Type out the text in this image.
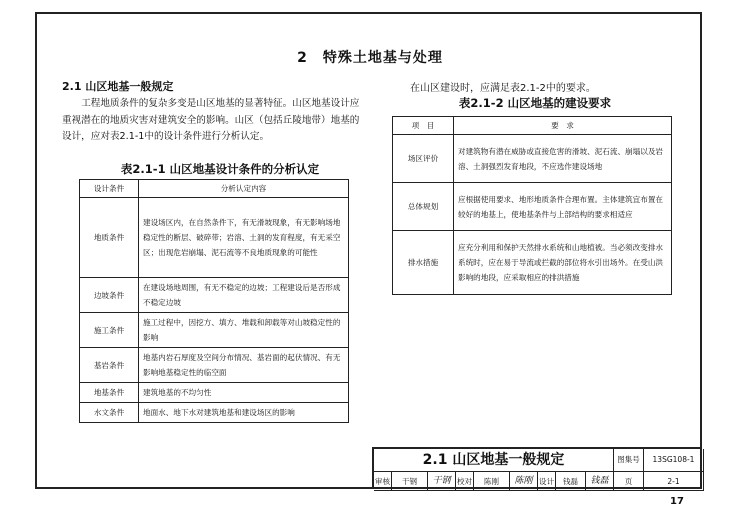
2　特殊土地基与处理
2.1 山区地基一般规定
工程地质条件的复杂多变是山区地基的显著特征。山区地基设计应重视潜在的地质灾害对建筑安全的影响。山区（包括丘陵地带）地基的设计，应对表2.1-1中的设计条件进行分析认定。
在山区建设时，应满足表2.1-2中的要求。
表2.1-1 山区地基设计条件的分析认定
设计条件	分析认定内容
地质条件	建设场区内，在自然条件下，有无滑坡现象，有无影响场地稳定性的断层、破碎带；岩溶、土洞的发育程度，有无采空区；出现危岩崩塌、泥石流等不良地质现象的可能性
边坡条件	在建设场地周围，有无不稳定的边坡；工程建设后是否形成不稳定边坡
施工条件	施工过程中，因挖方、填方、堆载和卸载等对山坡稳定性的影响
基岩条件	地基内岩石厚度及空间分布情况、基岩面的起伏情况、有无影响地基稳定性的临空面
地基条件	建筑地基的不均匀性
水文条件	地面水、地下水对建筑地基和建设场区的影响
表2.1-2 山区地基的建设要求
项　目	要　求
场区评价	对建筑物有潜在威胁或直接危害的滑坡、泥石流、崩塌以及岩溶、土洞强烈发育地段，不应选作建设场地
总体规划	应根据使用要求、地形地质条件合理布置。主体建筑宜布置在较好的地基上，使地基条件与上部结构的要求相适应
排水措施	应充分利用和保护天然排水系统和山地植被。当必须改变排水系统时，应在易于导流或拦截的部位将水引出场外。在受山洪影响的地段，应采取相应的排洪措施
2.1 山区地基一般规定	图集号	13SG108-1
审核	干钢	干钢 校对	陈刚	陈刚 设计	钱磊	钱磊	页	2-1
17
